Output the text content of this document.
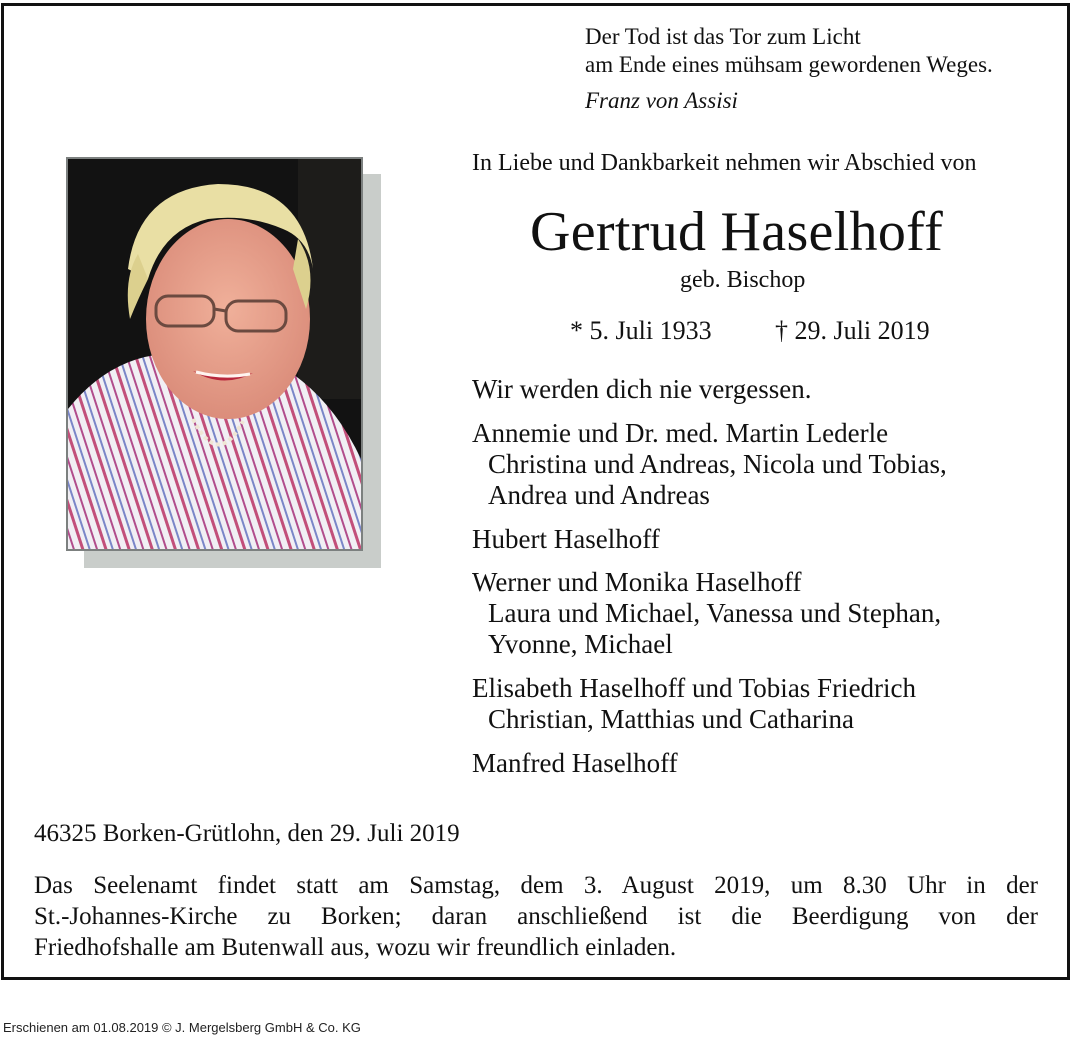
Der Tod ist das Tor zum Licht
am Ende eines mühsam gewordenen Weges.
Franz von Assisi
In Liebe und Dankbarkeit nehmen wir Abschied von
Gertrud Haselhoff
geb. Bischop
* 5. Juli 1933 † 29. Juli 2019
Wir werden dich nie vergessen.
Annemie und Dr. med. Martin Lederle
Christina und Andreas, Nicola und Tobias,
Andrea und Andreas
Hubert Haselhoff
Werner und Monika Haselhoff
Laura und Michael, Vanessa und Stephan,
Yvonne, Michael
Elisabeth Haselhoff und Tobias Friedrich
Christian, Matthias und Catharina
Manfred Haselhoff
46325 Borken-Grütlohn, den 29. Juli 2019
Das Seelenamt findet statt am Samstag, dem 3. August 2019, um 8.30 Uhr in der
St.-Johannes-Kirche zu Borken; daran anschließend ist die Beerdigung von der
Friedhofshalle am Butenwall aus, wozu wir freundlich einladen.
Erschienen am 01.08.2019 © J. Mergelsberg GmbH & Co. KG
